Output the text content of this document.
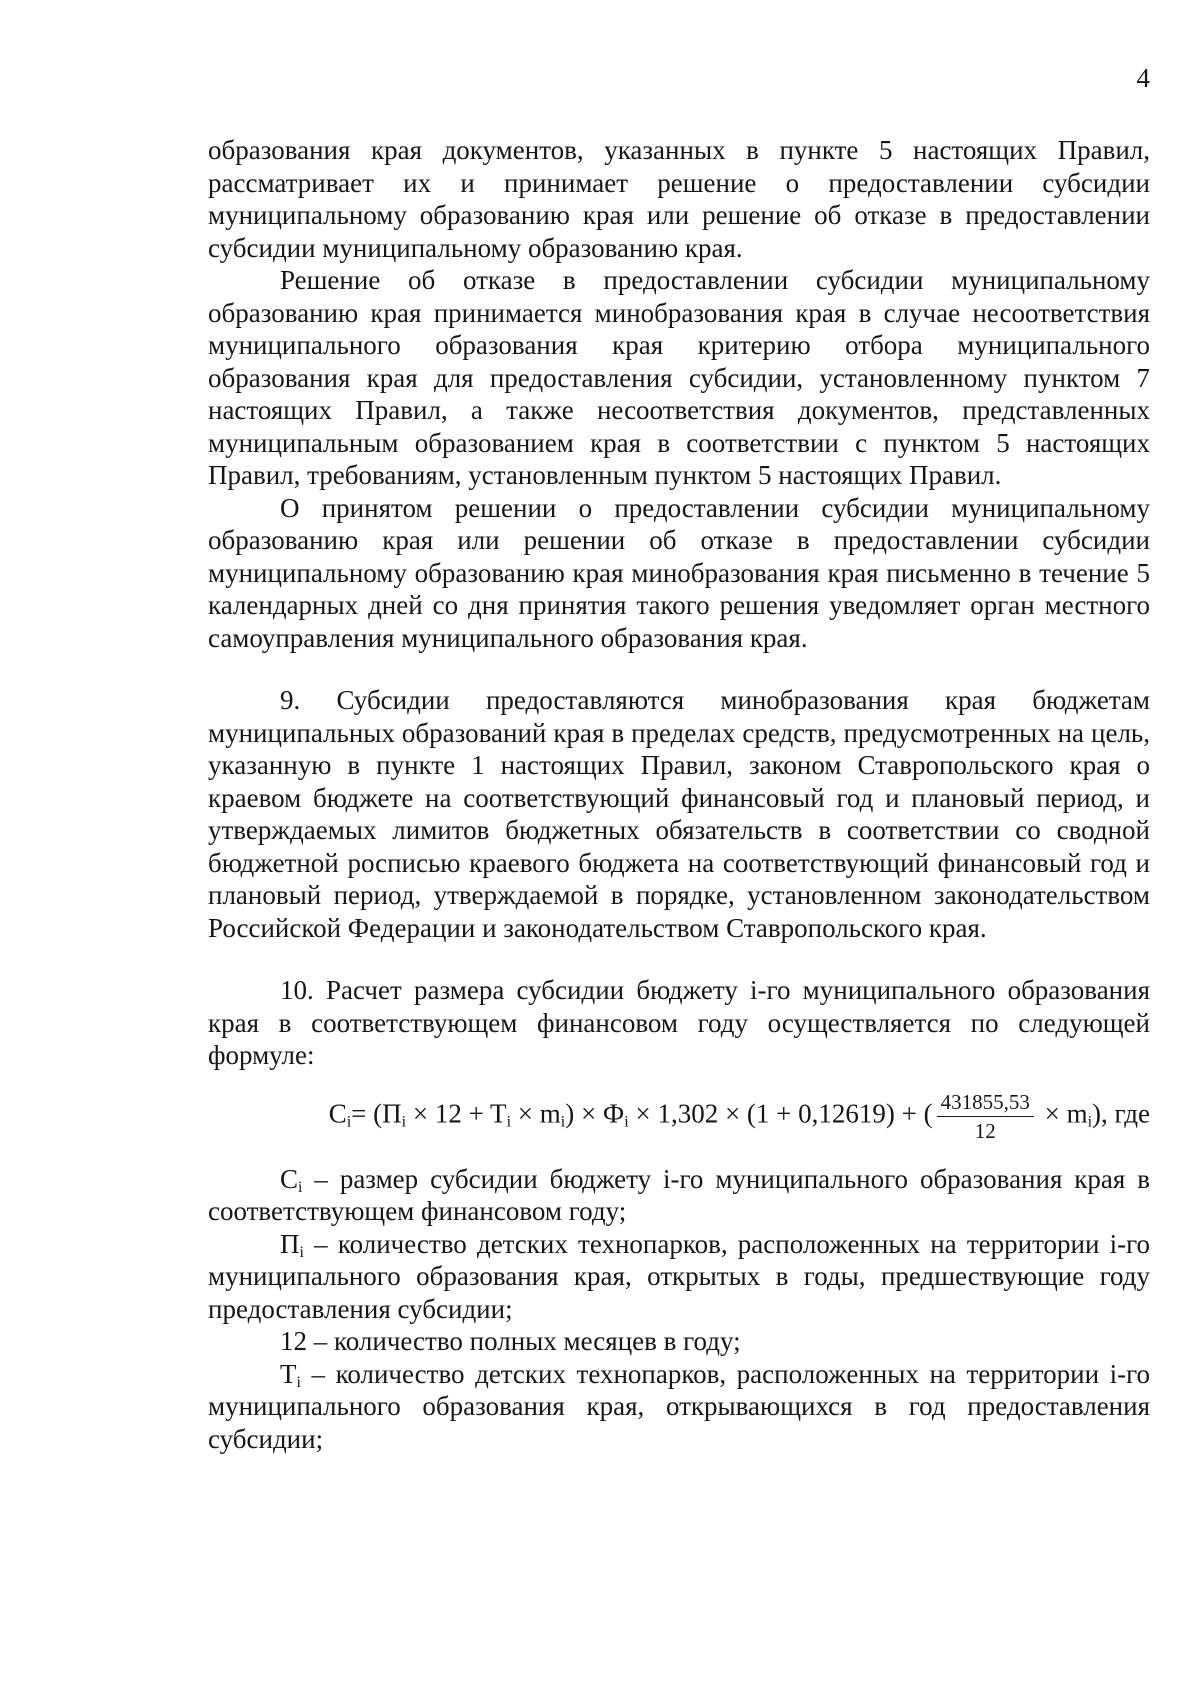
4

образования края документов, указанных в пункте 5 настоящих Правил, рассматривает их и принимает решение о предоставлении субсидии муниципальному образованию края или решение об отказе в предоставлении субсидии муниципальному образованию края.

Решение об отказе в предоставлении субсидии муниципальному образованию края принимается минобразования края в случае несоответствия муниципального образования края критерию отбора муниципального образования края для предоставления субсидии, установленному пунктом 7 настоящих Правил, а также несоответствия документов, представленных муниципальным образованием края в соответствии с пунктом 5 настоящих Правил, требованиям, установленным пунктом 5 настоящих Правил.

О принятом решении о предоставлении субсидии муниципальному образованию края или решении об отказе в предоставлении субсидии муниципальному образованию края минобразования края письменно в течение 5 календарных дней со дня принятия такого решения уведомляет орган местного самоуправления муниципального образования края.

9. Субсидии предоставляются минобразования края бюджетам муниципальных образований края в пределах средств, предусмотренных на цель, указанную в пункте 1 настоящих Правил, законом Ставропольского края о краевом бюджете на соответствующий финансовый год и плановый период, и утверждаемых лимитов бюджетных обязательств в соответствии со сводной бюджетной росписью краевого бюджета на соответствующий финансовый год и плановый период, утверждаемой в порядке, установленном законодательством Российской Федерации и законодательством Ставропольского края.

10. Расчет размера субсидии бюджету i-го муниципального образования края в соответствующем финансовом году осуществляется по следующей формуле:

$C_i= (П_i \times 12 + T_i \times m_i) \times Ф_i \times 1,302 \times (1 + 0,12619)$ + ( $\frac{431855,53}{12} \times m_i$), где

$C_i$ – размер субсидии бюджету i-го муниципального образования края в соответствующем финансовом году;

$П_i$ – количество детских технопарков, расположенных на территории i-го муниципального образования края, открытых в годы, предшествующие году предоставления субсидии;

12 – количество полных месяцев в году;

$T_i$ – количество детских технопарков, расположенных на территории i-го муниципального образования края, открывающихся в год предоставления субсидии;
